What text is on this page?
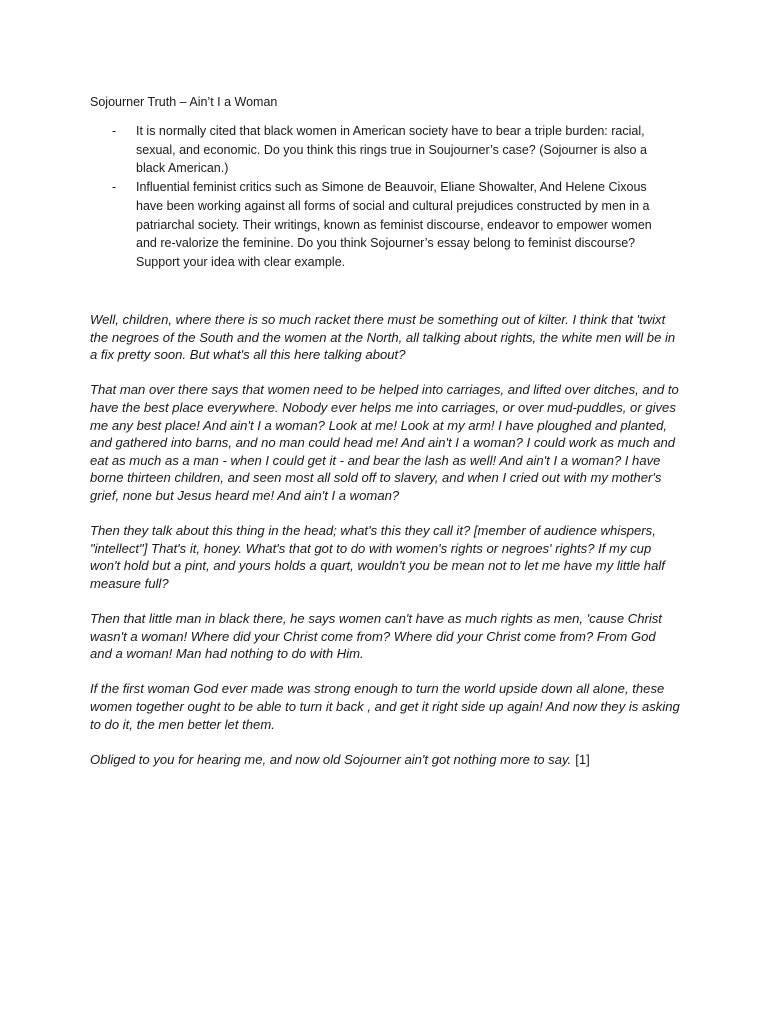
Sojourner Truth – Ain’t I a Woman

- It is normally cited that black women in American society have to bear a triple burden: racial, sexual, and economic. Do you think this rings true in Soujourner’s case? (Sojourner is also a black American.)
- Influential feminist critics such as Simone de Beauvoir, Eliane Showalter, And Helene Cixous have been working against all forms of social and cultural prejudices constructed by men in a patriarchal society. Their writings, known as feminist discourse, endeavor to empower women and re-valorize the feminine. Do you think Sojourner’s essay belong to feminist discourse? Support your idea with clear example.

Well, children, where there is so much racket there must be something out of kilter. I think that 'twixt the negroes of the South and the women at the North, all talking about rights, the white men will be in a fix pretty soon. But what's all this here talking about?

That man over there says that women need to be helped into carriages, and lifted over ditches, and to have the best place everywhere. Nobody ever helps me into carriages, or over mud-puddles, or gives me any best place! And ain't I a woman? Look at me! Look at my arm! I have ploughed and planted, and gathered into barns, and no man could head me! And ain't I a woman? I could work as much and eat as much as a man - when I could get it - and bear the lash as well! And ain't I a woman? I have borne thirteen children, and seen most all sold off to slavery, and when I cried out with my mother's grief, none but Jesus heard me! And ain't I a woman?

Then they talk about this thing in the head; what's this they call it? [member of audience whispers, "intellect"] That's it, honey. What's that got to do with women's rights or negroes' rights? If my cup won't hold but a pint, and yours holds a quart, wouldn't you be mean not to let me have my little half measure full?

Then that little man in black there, he says women can't have as much rights as men, 'cause Christ wasn't a woman! Where did your Christ come from? Where did your Christ come from? From God and a woman! Man had nothing to do with Him.

If the first woman God ever made was strong enough to turn the world upside down all alone, these women together ought to be able to turn it back , and get it right side up again! And now they is asking to do it, the men better let them.

Obliged to you for hearing me, and now old Sojourner ain't got nothing more to say. [1]
